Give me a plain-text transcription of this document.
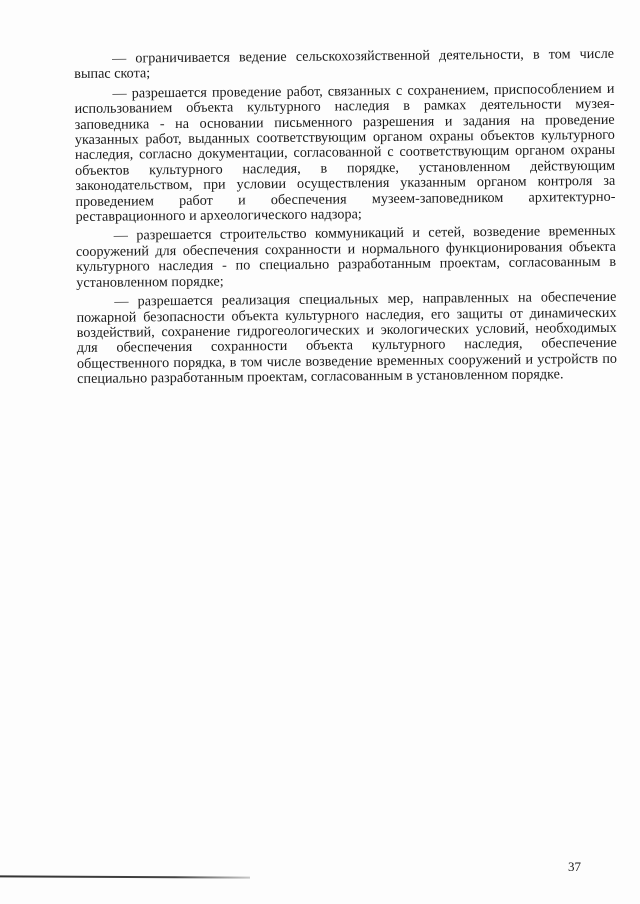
— ограничивается ведение сельскохозяйственной деятельности, в том числе выпас скота;

— разрешается проведение работ, связанных с сохранением, приспособлением и использованием объекта культурного наследия в рамках деятельности музея-заповедника - на основании письменного разрешения и задания на проведение указанных работ, выданных соответствующим органом охраны объектов культурного наследия, согласно документации, согласованной с соответствующим органом охраны объектов культурного наследия, в порядке, установленном действующим законодательством, при условии осуществления указанным органом контроля за проведением работ и обеспечения музеем-заповедником архитектурно-реставрационного и археологического надзора;

— разрешается строительство коммуникаций и сетей, возведение временных сооружений для обеспечения сохранности и нормального функционирования объекта культурного наследия - по специально разработанным проектам, согласованным в установленном порядке;

— разрешается реализация специальных мер, направленных на обеспечение пожарной безопасности объекта культурного наследия, его защиты от динамических воздействий, сохранение гидрогеологических и экологических условий, необходимых для обеспечения сохранности объекта культурного наследия, обеспечение общественного порядка, в том числе возведение временных сооружений и устройств по специально разработанным проектам, согласованным в установленном порядке.

37
